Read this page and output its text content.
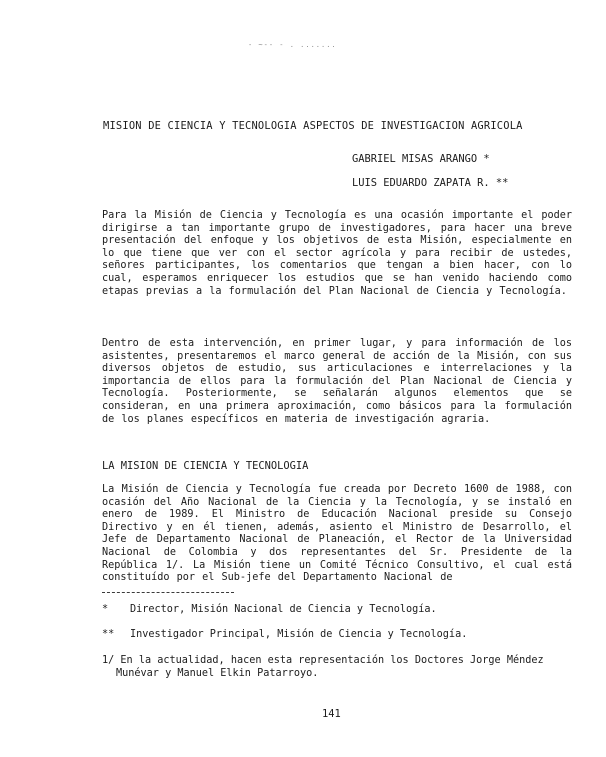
- ~-- - . .......
MISION DE CIENCIA Y TECNOLOGIA ASPECTOS DE INVESTIGACION AGRICOLA

GABRIEL MISAS ARANGO *

LUIS EDUARDO ZAPATA R. **

Para la Misión de Ciencia y Tecnología es una ocasión importante el poder dirigirse a tan importante grupo de investigadores, para hacer una breve presentación del enfoque y los objetivos de esta Misión, especialmente en lo que tiene que ver con el sector agrícola y para recibir de ustedes, señores participantes, los comentarios que tengan a bien hacer, con lo cual, esperamos enriquecer los estudios que se han venido haciendo como etapas previas a la formulación del Plan Nacional de Ciencia y Tecnología.

Dentro de esta intervención, en primer lugar, y para información de los asistentes, presentaremos el marco general de acción de la Misión, con sus diversos objetos de estudio, sus articulaciones e interrelaciones y la importancia de ellos para la formulación del Plan Nacional de Ciencia y Tecnología. Posteriormente, se señalarán algunos elementos que se consideran, en una primera aproximación, como básicos para la formulación de los planes específicos en materia de investigación agraria.

LA MISION DE CIENCIA Y TECNOLOGIA

La Misión de Ciencia y Tecnología fue creada por Decreto 1600 de 1988, con ocasión del Año Nacional de la Ciencia y la Tecnología, y se instaló en enero de 1989. El Ministro de Educación Nacional preside su Consejo Directivo y en él tienen, además, asiento el Ministro de Desarrollo, el Jefe de Departamento Nacional de Planeación, el Rector de la Universidad Nacional de Colombia y dos representantes del Sr. Presidente de la República 1/. La Misión tiene un Comité Técnico Consultivo, el cual está constituído por el Sub-jefe del Departamento Nacional de

* Director, Misión Nacional de Ciencia y Tecnología.

** Investigador Principal, Misión de Ciencia y Tecnología.

1/ En la actualidad, hacen esta representación los Doctores Jorge Méndez Munévar y Manuel Elkin Patarroyo.

141
